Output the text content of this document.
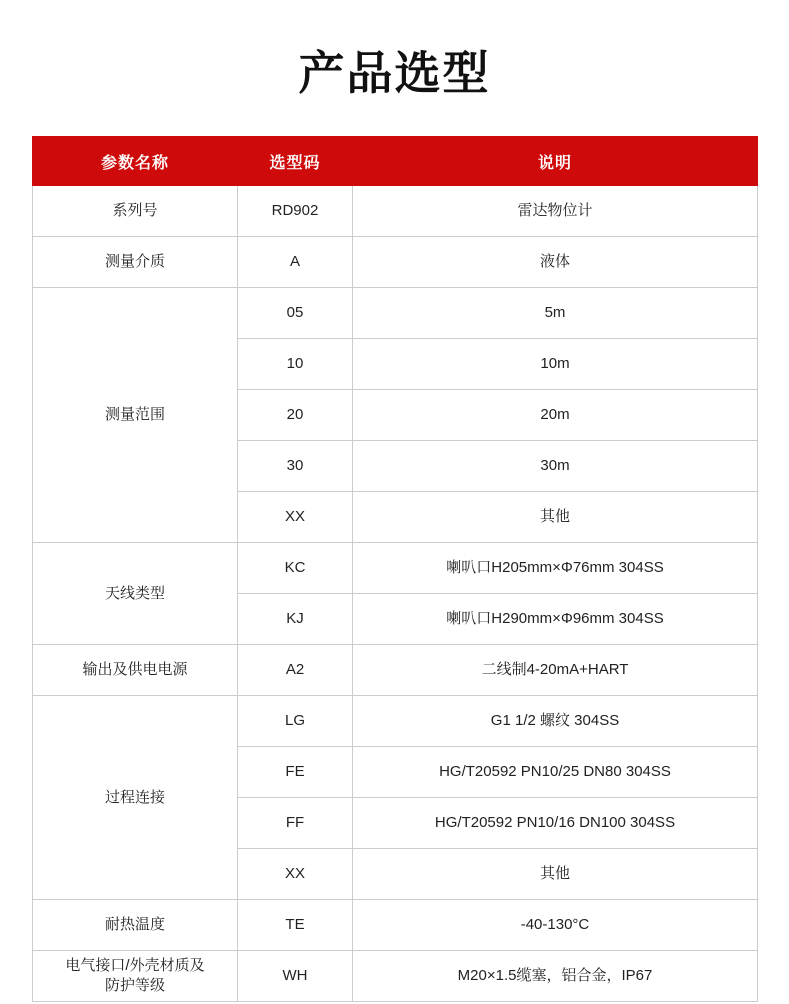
产品选型
参数名称	选型码	说明
系列号	RD902	雷达物位计
测量介质	A	液体
测量范围	05	5m
	10	10m
	20	20m
	30	30m
	XX	其他
天线类型	KC	喇叭口H205mm×Φ76mm 304SS
	KJ	喇叭口H290mm×Φ96mm 304SS
输出及供电电源	A2	二线制4-20mA+HART
过程连接	LG	G1 1/2 螺纹 304SS
	FE	HG/T20592 PN10/25 DN80 304SS
	FF	HG/T20592 PN10/16 DN100 304SS
	XX	其他
耐热温度	TE	-40-130°C

电气接口/外壳材质及
防护等级	WH	M20×1.5缆塞，铝合金，IP67
